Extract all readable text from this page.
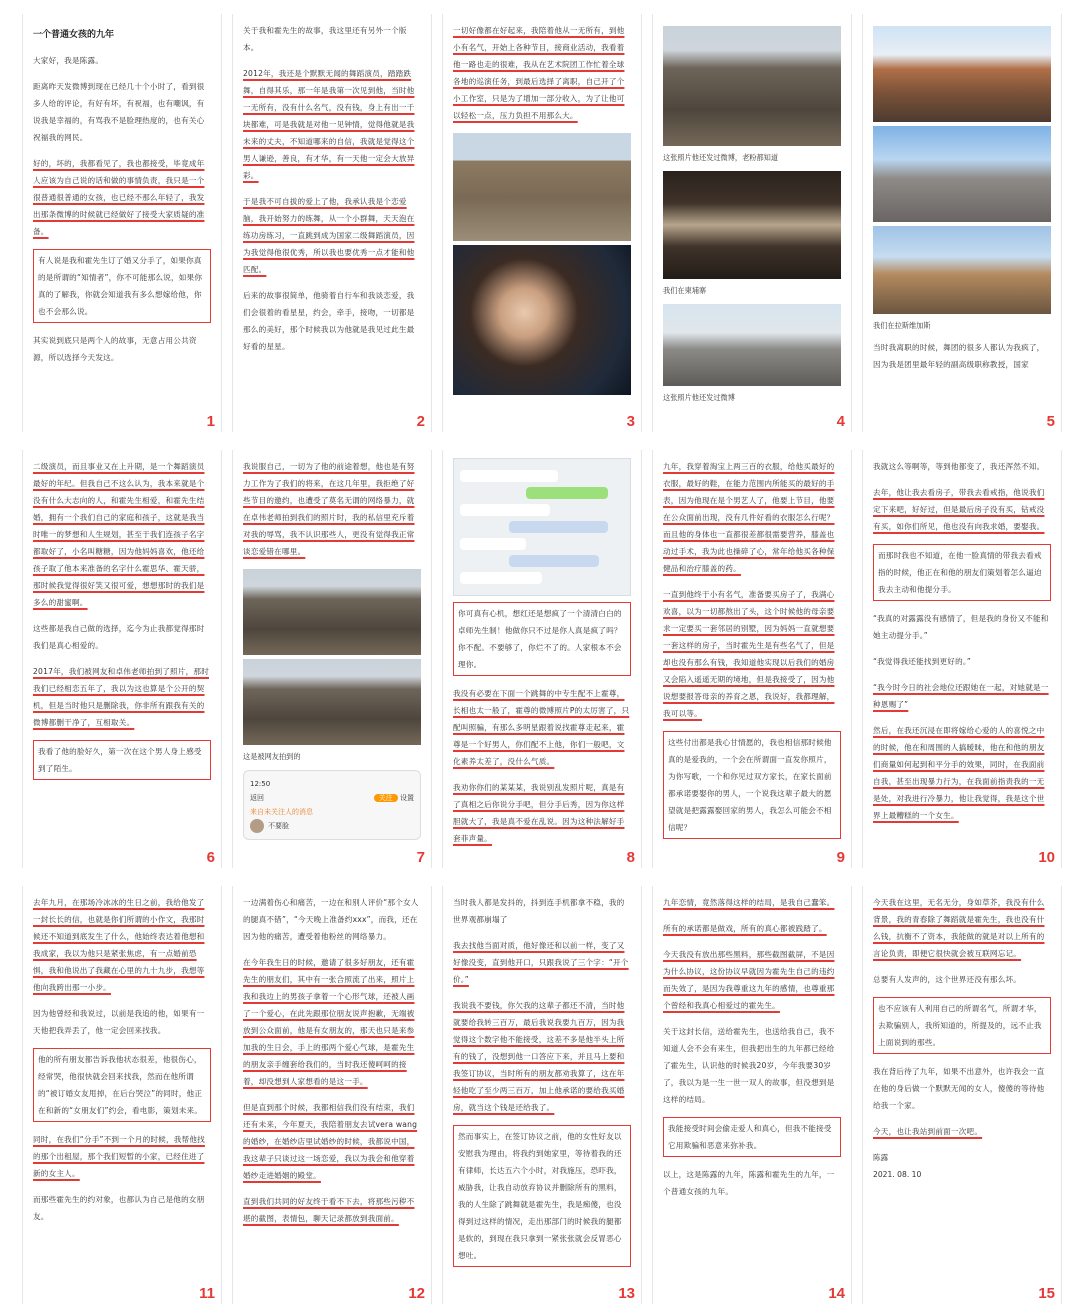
一个普通女孩的九年

大家好，我是陈露。

距离昨天发微博到现在已经几十个小时了，看到很多人给的评论，有好有坏，有祝福，也有嘲讽，有说我是幸福的，有骂我不是脸理热度的，也有关心祝福我的网民。

好的，坏的，我都看见了，我也都接受，毕竟成年人应该为自己说的话和做的事情负责，我只是一个很普通很普通的女孩，也已经不那么年轻了，我发出那条微博的时候就已经做好了接受大家质疑的准备。

有人说是我和霍先生订了婚又分手了，如果你真的是所谓的“知情者”，你不可能那么说，如果你真的了解我，你就会知道我有多么想嫁给他，你也不会那么说。

其实说到底只是两个人的故事，无意占用公共资源，所以选择今天发这。

1

关于我和霍先生的故事，我这里还有另外一个版本。

2012年，我还是个默默无闻的舞蹈演员，踏踏跌舞，自得其乐，那一年是我第一次见到他，当时他一无所有，没有什么名气，没有钱，身上有出一千块都难，可是我就是对他一见钟情，觉得他就是我未来的丈夫，不知道哪来的自信，我就是觉得这个男人谦逊，善良，有才华，有一天他一定会大放异彩。

于是我不可自拔的爱上了他，我承认我是个恋爱脑，我开始努力的练舞，从一个小群舞，天天泡在练功房练习，一直跳到成为国家二级舞蹈演员，因为我觉得他很优秀，所以我也要优秀一点才能和他匹配。

后来的故事很简单，他骑着自行车和我谈恋爱，我们会很着的看星星，约会，牵手，接吻，一切都是那么的美好，那个时候我以为他就是我见过此生最好看的星星。

2

一切好像都在好起来，我陪着他从一无所有，到他小有名气，开始上各种节目，接商业活动，我看着他一路也走的很难，我从在艺术院团工作忙着全球各地的巡演任务，到最后选择了离职，自己开了个小工作室，只是为了增加一部分收入，为了让他可以轻松一点，压力负担不用那么大。

3
这张照片他还发过微博，老粉都知道
我们在柬埔寨
这张照片他还发过微博
4
我们在拉斯维加斯

当时我离职的时候，舞团的很多人都认为我疯了，因为我是团里最年轻的副高级职称教授，国家

5

二级演员，而且事业又在上升期，是一个舞蹈演员最好的年纪。但我自己不这么认为，我本来就是个没有什么大志向的人，和霍先生相爱，和霍先生结婚，拥有一个我们自己的家庭和孩子，这就是我当时唯一的梦想和人生规划，甚至于我们连孩子名字都取好了，小名叫糖糖，因为他妈妈喜欢，他还给孩子取了他本来准备的名字什么霍思华、霍天骄，那时候我觉得很好笑又很可爱，想想那时的我们是多么的甜蜜啊。

这些都是我自己做的选择，迄今为止我都觉得那时我们是真心相爱的。

2017年，我们被网友和卓伟老师拍到了照片，那时我们已经相恋五年了，我以为这也算是个公开的契机，但是当时他只是删除我，你非所有跟我有关的微博都删干净了，互相取关。

我看了他的脸好久，第一次在这个男人身上感受到了陌生。

6

我说服自己，一切为了他的前途着想，他也是有努力工作为了我们的将来，在这几年里，我拒绝了好些节目的邀约，也遭受了莫名无谓的网络暴力，就在卓伟老师拍到我们的照片时，我的私信里充斥着对我的辱骂，我不认识那些人，更没有觉得我正常谈恋爱错在哪里。

这是被网友拍到的
12:50
返回	关注 设置
来自未关注人的消息
不要脸
7

你可真有心机，想红还是想疯了一个清清白白的卓师先生制！他做你只不过是你人真是疯了吗？你不配。不要够了，你烂不了的。人家根本不会理你。

我没有必要在下面一个跳舞的中专生配不上霍尊，长相也太一般了，霍尊的微博照片P的太厉害了，只配叫照骗，有那么多明星跟着说找霍尊走起来，霍尊是一个好男人，你们配不上他，你们一般吧，文化素养太差了，没什么气质。

我劝你你们的某某某，我说别乱发照片呢，真是有了真相之后你说分手吧，但分手后秀，因为你这样胆就大了，我是真不爱在乱说。因为这种法解好手套菲声量。

8

九年，我穿着淘宝上两三百的衣服，给他买最好的衣服，最好的鞋，在能力范围内所能买的最好的手表，因为他现在是个男艺人了，他要上节目，他要在公众面前出现，没有几件好看的衣服怎么行呢？而且他的身体也一直都很差都很需要营养，膝盖也动过手术，我为此也操碎了心，常年给他买各种保健品和治疗膝盖的药。

一直到他终于小有名气，准备要买房子了，我满心欢喜，以为一切都熬出了头，这个时候他的母亲要求一定要买一套邻居的别墅，因为妈妈一直就想要一套这样的房子，当时霍先生是有些名气了，但是却也没有那么有钱，我知道他实现以后我们的婚房又会陷入遥遥无期的境地，但是我接受了，因为他说想要报答母亲的养育之恩，我说好，我都理解，我可以等。

这些付出都是我心甘情愿的，我也相信那时候他真的是爱我的，一个会在所谓面一直发你照片，为你写歌，一个和你见过双方家长，在家长面前都承诺要娶你的男人，一个说我这辈子最大的愿望就是把露露娶回家的男人，我怎么可能会不相信呢？

9

我就这么等啊等，等到他都变了，我还浑然不知。

去年，他让我去看房子，带我去看戒指，他说我们定下来吧，好好过，但是最后房子没有买，钻戒没有买，如你们所见，他也没有向我求婚，要娶我。

而那时我也不知道，在他一脸真情的带我去看戒指的时候，他正在和他的朋友们策划着怎么逼迫我去主动和他提分手。

“我真的对露露没有感情了，但是我的身份又不能和她主动提分手。”

“我觉得我还能找到更好的。”

“我今时今日的社会地位还跟她在一起，对她就是一种恩赐了”

然后，在我还沉浸在即将嫁给心爱的人的喜悦之中的时候，他在和周围的人搞暧昧，他在和他的朋友们商量如何起到和平分手的效果，同时，在我面前自我，甚至出现暴力行为，在我面前指责我的一无是处，对我进行冷暴力，他让我觉得，我是这个世界上最糟糕的一个女生。

10

去年九月，在那场冷冰冰的生日之前，我给他发了一封长长的信，也就是你们所谓的小作文，我那时候还不知道到底发生了什么，他始终表达着他想和我成家，我以为他只是紧张焦虑，有一点婚前恐惧，我和他说出了我藏在心里的九十九步，我想等他向我跨出那一小步。

因为他曾经和我说过，以前是我追的他，如果有一天他把我弄丢了，他一定会回来找我。

他的所有朋友都告诉我他状态很差，他很伤心，经常哭，他很快就会回来找我，然而在他所谓的“被订婚女友甩掉，在后台哭泣”的同时，他正在和新的“女朋友们”约会，看电影，策划未来。

同时，在我们“分手”不到一个月的时候，我帮他找的那个出租屋，那个我们短暂的小家，已经住进了新的女主人。

而那些霍先生的约对象，也都认为自己是他的女朋友。

11

一边满着伤心和痛苦，一边在和别人评价“那个女人的腿真不错”，“今天晚上准备约xxx”，而我，还在因为他的痛苦，遭受着他粉丝的网络暴力。

在今年我生日的时候，邀请了很多好朋友，还有霍先生的朋友们，其中有一张合照流了出来，照片上我和我边上的男孩子拿着一个心形气球，还被人画了一个爱心，在此先跟那位朋友说声抱歉，无端被放到公众面前，他是有女朋友的，那天也只是来参加我的生日会，手上的那两个爱心气球，是霍先生的朋友亲手缠套给我们的，当时我还傻呵呵的接着，却没想到人家想看的是这一手。

但是直到那个时候，我都相信我们没有结束，我们还有未来，今年夏天，我陪着朋友去试vera wang的婚纱，在婚纱店里试婚纱的时候，我都说中国，我这辈子只谈过这一场恋爱，我以为我会和他穿着婚纱走进婚姻的殿堂。

直到我们共同的好友终于看不下去，将那些污秽不堪的截图，表情包，聊天记录都放到我面前。

12

当时我人都是发抖的，抖到连手机都拿不稳，我的世界观都崩塌了

我去找他当面对质，他好像还和以前一样，变了又好像没变，直到他开口，只跟我说了三个字：“开个价。”

我说我不要钱，你欠我的这辈子都还不清，当时他就要给我转三百万，最后我说我要九百万，因为我觉得这个数字他不能接受，这差不多是他半头上所有的钱了，没想到他一口答应下来，并且马上要和我签订协议，当时所有的朋友都劝我算了，这在年轻他吃了至少两三百万，加上他承诺的要给我买婚房，就当这个钱是还给我了。

然而事实上，在签订协议之前，他的女性好友以安慰我为理由，将我约到她家里，等待着我的还有律师，长达五六个小时，对我施压，恐吓我，威胁我，让我自动放弃协议并删除所有的黑料，我的人生除了跳舞就是霍先生，我是痴傻，也没得到过这样的情况，走出那部门的时候我的腿都是软的，到现在我只拿到一紧张张就会反胃恶心想吐。

13

九年恋情，竟然落得这样的结局，是我自己蠢笨。

所有的承诺都是做戏，所有的真心都被践踏了。

今天我没有放出那些黑料，那些截图截屏，不是因为什么协议，这份协议早就因为霍先生自己的违约而失效了，是因为我尊重这九年的感情，也尊重那个曾经和我真心相爱过的霍先生。

关于这封长信，送给霍先生，也送给我自己，我不知道人会不会有来生，但我把出生的九年都已经给了霍先生，认识他的时候我20岁，今年我要30岁了，我以为是一生一世一双人的故事，但没想到是这样的结局。

我能接受时间会偷走爱人和真心，但我不能接受它用欺骗和恶意来弥补我。

以上，这是陈露的九年，陈露和霍先生的九年，一个普通女孩的九年。

14

今天我在这里，无名无分，身如草芥，我没有什么背景，我的青春除了舞蹈就是霍先生，我也没有什么钱，抗衡不了资本，我能做的就是对以上所有的言论负责，即便它很快就会被互联网忘记。

总要有人发声的，这个世界还没有那么坏。

也不应该有人利用自己的所谓名气，所谓才华，去欺骗别人，我所知道的，所提及的，远不止我上面说到的那些。

我在背后待了九年，如果不出意外，也许我会一直在他的身后做一个默默无闻的女人，傻傻的等待他给我一个家。

今天，也让我站到前面一次吧。

陈露
2021. 08. 10
15
